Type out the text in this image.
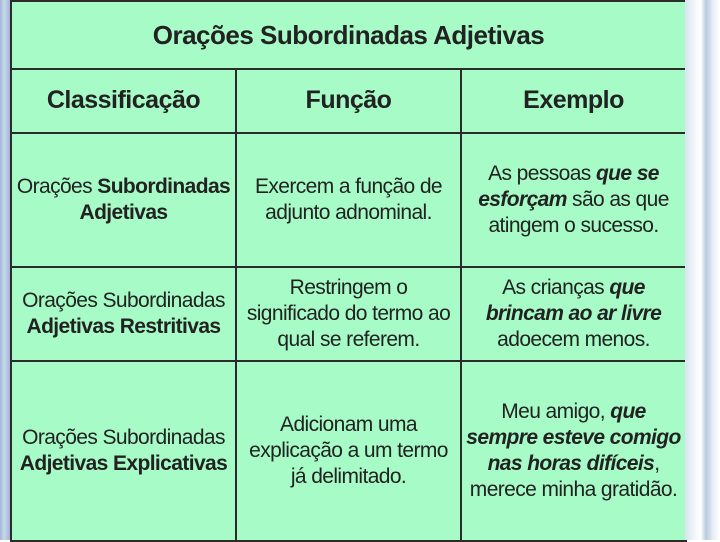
Orações Subordinadas Adjetivas		
Classificação	Função	Exemplo
Orações Subordinadas Adjetivas	Exercem a função de adjunto adnominal.	As pessoas que se esforçam são as que atingem o sucesso.
Orações Subordinadas Adjetivas Restritivas	Restringem o significado do termo ao qual se referem.	As crianças que brincam ao ar livre adoecem menos.
Orações Subordinadas Adjetivas Explicativas	Adicionam uma explicação a um termo já delimitado.	Meu amigo, que sempre esteve comigo nas horas difíceis, merece minha gratidão.
